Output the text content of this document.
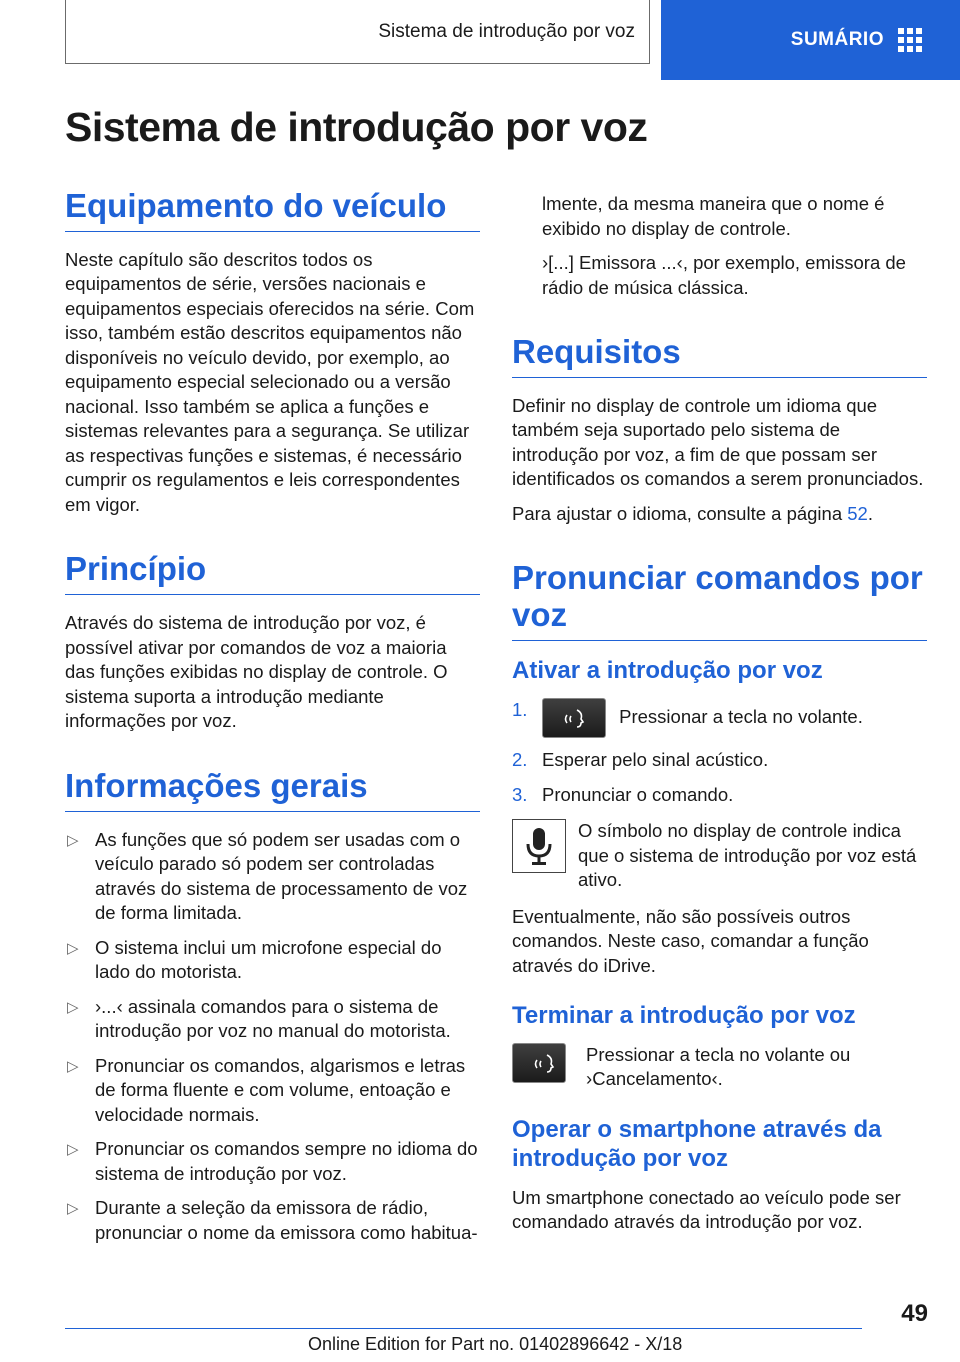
Sistema de introdução por voz	SUMÁRIO
Sistema de introdução por voz
Equipamento do veículo

Neste capítulo são descritos todos os equipamentos de série, versões nacionais e equipamentos especiais oferecidos na série. Com isso, também estão descritos equipamentos não disponíveis no veículo devido, por exemplo, ao equipamento especial selecionado ou a versão nacional. Isso também se aplica a funções e sistemas relevantes para a segurança. Se utilizar as respectivas funções e sistemas, é necessário cumprir os regulamentos e leis correspondentes em vigor.

Princípio

Através do sistema de introdução por voz, é possível ativar por comandos de voz a maioria das funções exibidas no display de controle. O sistema suporta a introdução mediante informações por voz.

Informações gerais
▷ As funções que só podem ser usadas com o veículo parado só podem ser controladas através do sistema de processamento de voz de forma limitada.
▷ O sistema inclui um microfone especial do lado do motorista.
▷ ›...‹ assinala comandos para o sistema de introdução por voz no manual do motorista.
▷ Pronunciar os comandos, algarismos e letras de forma fluente e com volume, entoação e velocidade normais.
▷ Pronunciar os comandos sempre no idioma do sistema de introdução por voz.
▷ Durante a seleção da emissora de rádio, pronunciar o nome da emissora como habitua-

lmente, da mesma maneira que o nome é exibido no display de controle.

›[...] Emissora ...‹, por exemplo, emissora de rádio de música clássica.

Requisitos

Definir no display de controle um idioma que também seja suportado pelo sistema de introdução por voz, a fim de que possam ser identificados os comandos a serem pronunciados.

Para ajustar o idioma, consulte a página 52.

Pronunciar comandos por voz
Ativar a introdução por voz
1.	Pressionar a tecla no volante.
2. Esperar pelo sinal acústico.
3. Pronunciar o comando.

O símbolo no display de controle indica que o sistema de introdução por voz está ativo.

Eventualmente, não são possíveis outros comandos. Neste caso, comandar a função através do iDrive.

Terminar a introdução por voz

Pressionar a tecla no volante ou ›Cancelamento‹.

Operar o smartphone através da introdução por voz

Um smartphone conectado ao veículo pode ser comandado através da introdução por voz.

49
Online Edition for Part no. 01402896642 - X/18
